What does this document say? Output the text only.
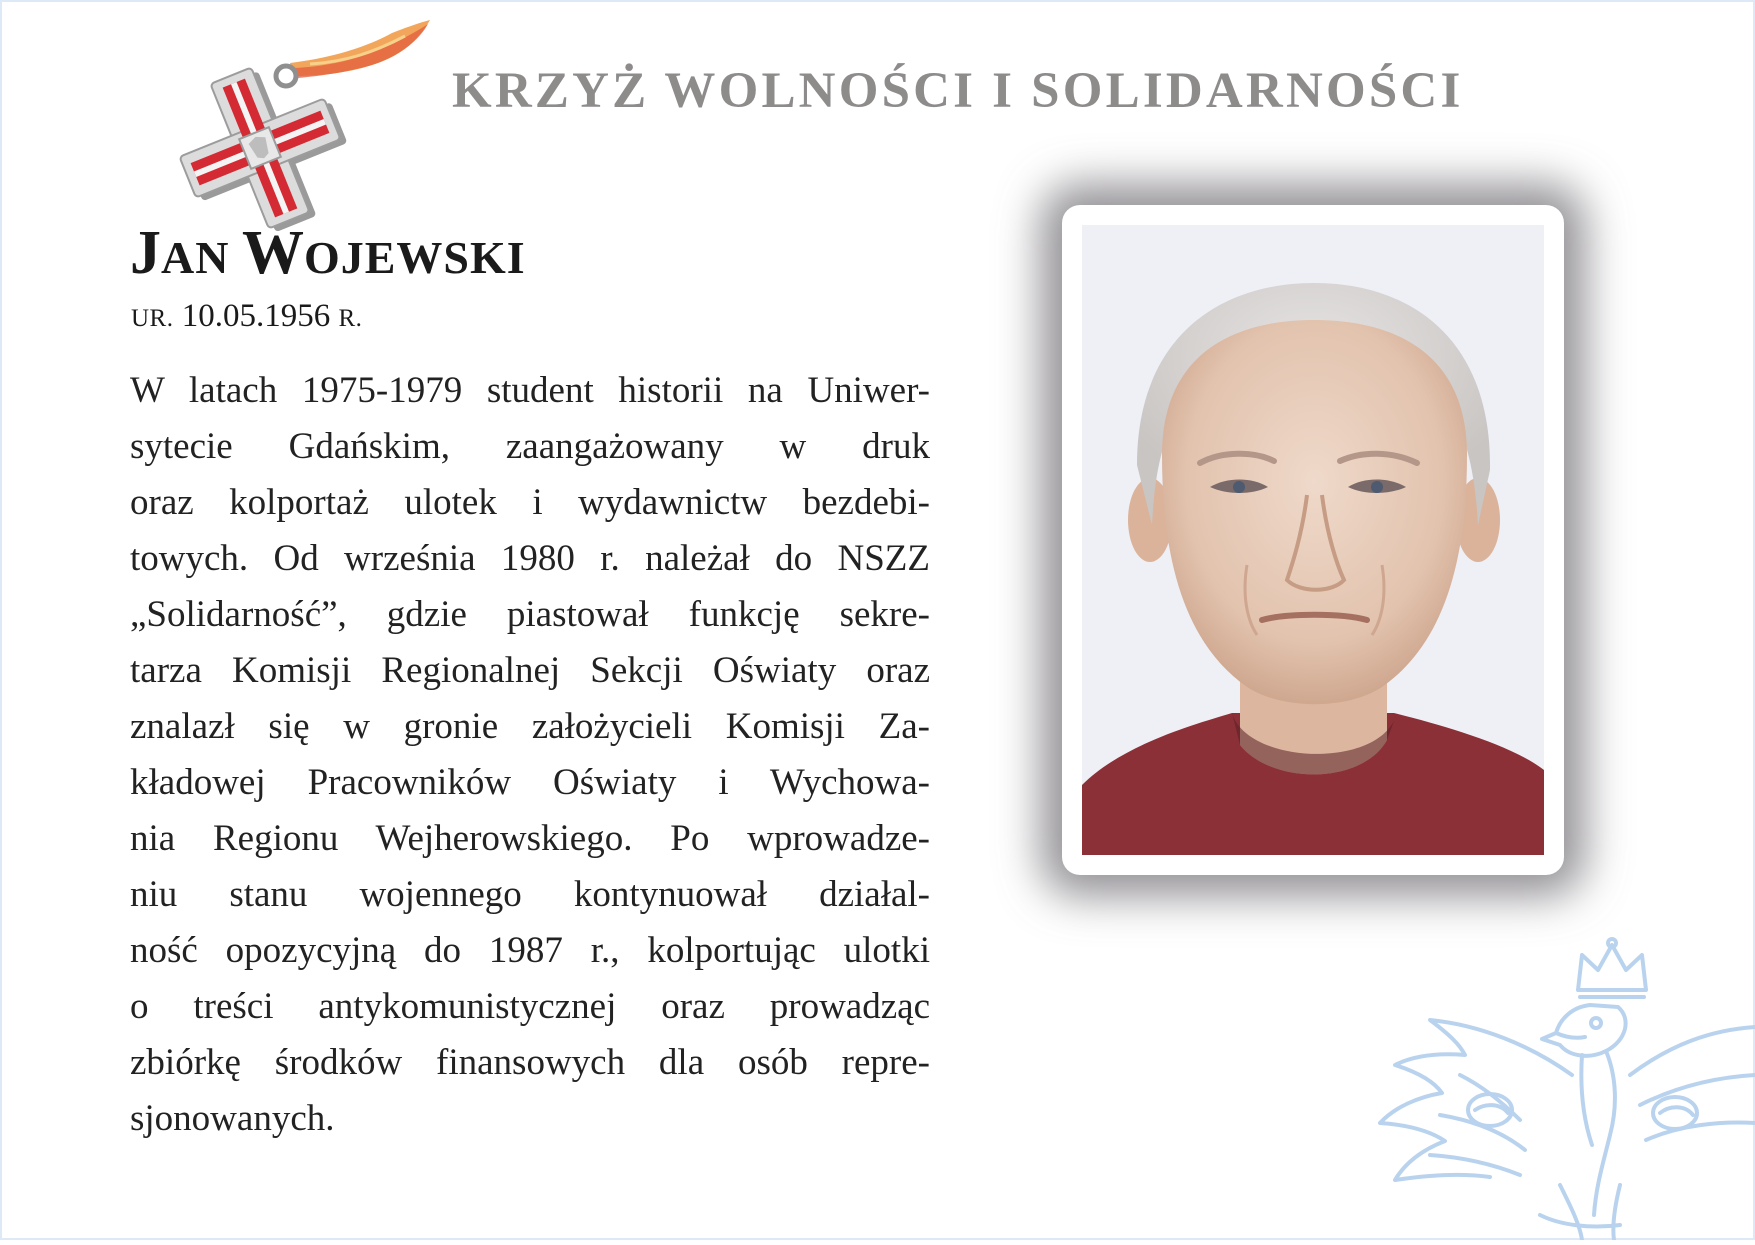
KRZYŻ WOLNOŚCI I SOLIDARNOŚCI
JAN WOJEWSKI

UR. 10.05.1956 R.

W latach 1975-1979 student historii na Uniwer-
sytecie Gdańskim, zaangażowany w druk
oraz kolportaż ulotek i wydawnictw bezdebi-
towych. Od września 1980 r. należał do NSZZ
„Solidarność”, gdzie piastował funkcję sekre-
tarza Komisji Regionalnej Sekcji Oświaty oraz
znalazł się w gronie założycieli Komisji Za-
kładowej Pracowników Oświaty i Wychowa-
nia Regionu Wejherowskiego. Po wprowadze-
niu stanu wojennego kontynuował działal-
ność opozycyjną do 1987 r., kolportując ulotki
o treści antykomunistycznej oraz prowadząc
zbiórkę środków finansowych dla osób repre-
sjonowanych.
